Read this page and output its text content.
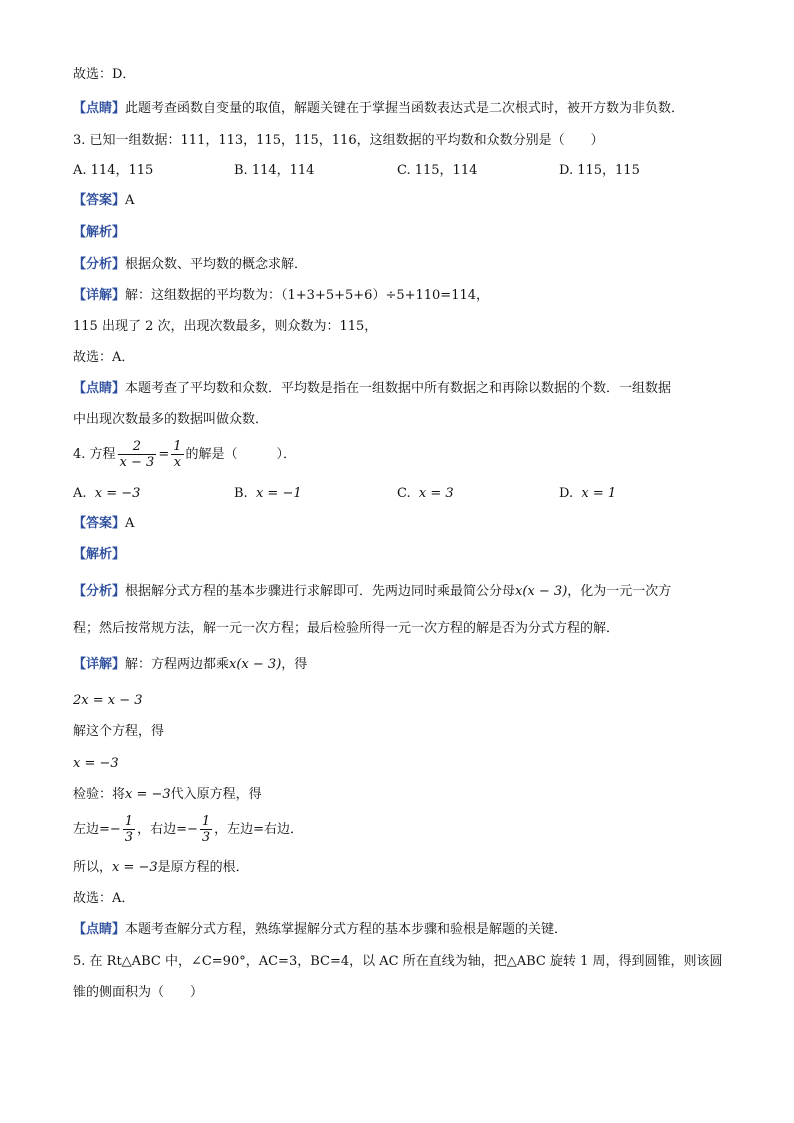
故选：D．
【点睛】此题考查函数自变量的取值，解题关键在于掌握当函数表达式是二次根式时，被开方数为非负数．
3. 已知一组数据：111，113，115，115，116，这组数据的平均数和众数分别是（　　）
A. 114，115	B. 114，114	C. 115，114	D. 115，115
【答案】A
【解析】
【分析】根据众数、平均数的概念求解．
【详解】解：这组数据的平均数为：（1+3+5+5+6）÷5+110=114，
115 出现了 2 次，出现次数最多，则众数为：115，
故选：A．
【点睛】本题考查了平均数和众数．平均数是指在一组数据中所有数据之和再除以数据的个数．一组数据
中出现次数最多的数据叫做众数．
4. 方程 $\frac{2}{x - 3} = \frac{1}{x}$ 的解是（　　　）．
A. x = −3	B. x = −1	C. x = 3	D. x = 1
【答案】A
【解析】
【分析】根据解分式方程的基本步骤进行求解即可．先两边同时乘最简公分母x(x − 3)，化为一元一次方
程；然后按常规方法，解一元一次方程；最后检验所得一元一次方程的解是否为分式方程的解．
【详解】解：方程两边都乘x(x − 3)，得
2x = x − 3
解这个方程，得
x = −3
检验：将x = −3代入原方程，得
左边=− $\frac{1}{3}$ ，右边=− $\frac{1}{3}$ ，左边=右边．
所以，x = −3是原方程的根．
故选：A．
【点睛】本题考查解分式方程，熟练掌握解分式方程的基本步骤和验根是解题的关键．
5. 在 Rt△ABC 中，∠C=90°，AC=3，BC=4，以 AC 所在直线为轴，把△ABC 旋转 1 周，得到圆锥，则该圆
锥的侧面积为（　　）
